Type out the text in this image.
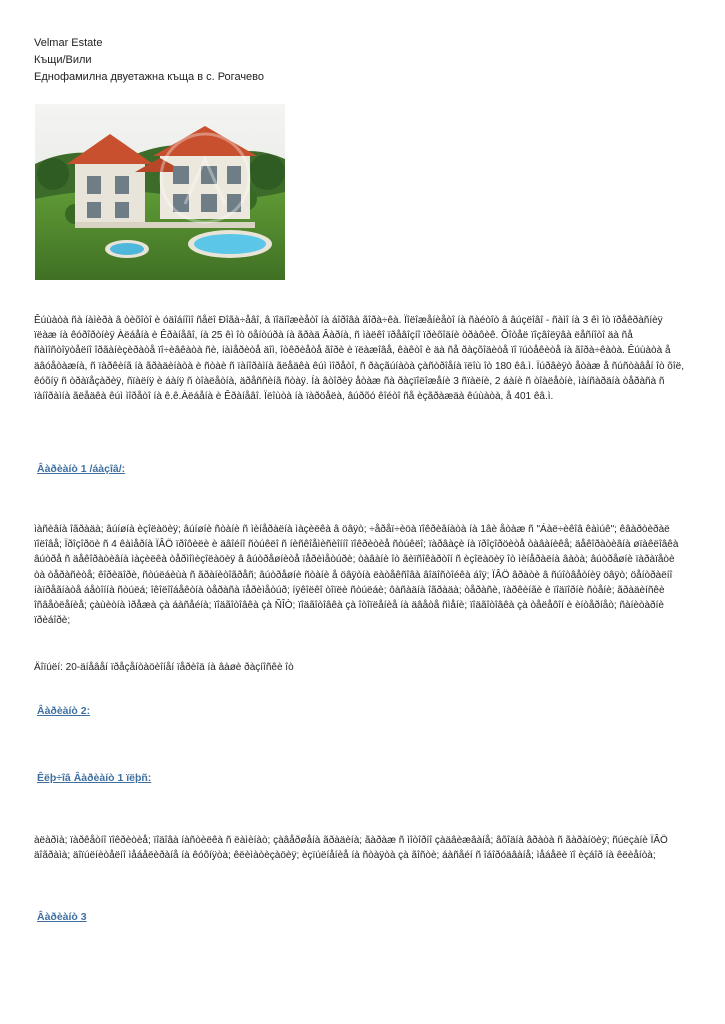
Velmar Estate
Къщи/Вили
Еднофамилна двуетажна къща в с. Рогачево

Êúùàòà ñà íàìèðà â òèõîòî è óäîáíîìî ñåëî Ðîãà÷åâî, â ïîäíîæèåòî íà áîðîâà ãîðà÷êà. Ïîëîæåíèåòî íà ñàéòîò â âúçëîâî - ñàìî íà 3 êì îò ïðåêðàñíèÿ ïëàæ íà êóðîðòíèÿ Àëáåíà è Êðàíåâî, íà 25 êì îò öåíòúðà íà ãðàä Âàðíà, ñ ìàëêî ïðåâîçíî ïðèõîäíè òðàôèê. Õîòåë ïîçâîëÿâà ëåñíîòî äà ñå ñàìîñòîÿòåëíî îðãàíèçèðàòå ïî÷èâêàòà ñè, íàìåðèòå äîì, îòêðèåòå ãîðè è ïëàæîâå, êàêòî è äà ñå ðàçõîäèòå ïî ïúòåêèòå íà ãîðà÷êàòà. Êúùàòà å äâóåòàæíà, ñ ïàðêèíã íà ãðàäèíàòà è ñòàè ñ ïàíîðàìíà ãëåäêà êúì ìîðåòî, ñ ðàçãúíàòà çàñòðîåíà ïëîù îò 180 êâ.ì. Ïúðâèÿò åòàæ å ñúñòàâåí îò õîë, êóõíÿ ñ òðàïåçàðèÿ, ñïàëíÿ è áàíÿ ñ òîàëåòíà, äðåññèíã ñòàÿ. Íà âòîðèÿ åòàæ ñà ðàçïîëîæåíè 3 ñïàëíè, 2 áàíè ñ òîàëåòíè, ìàíñàðäíà òåðàñà ñ ïàíîðàìíà ãëåäêà êúì ìîðåòî íà ê.ê.Àëáåíà è Êðàíåâî. Ïëîùòà íà ïàðöåëà, âúðõó êîéòî ñå èçãðàæäà êúùàòà, å 401 êâ.ì.

Âàðèàíò 1 /áàçîâ/:

ìàñèâíà îãðàäà; âúíøíà èçîëàöèÿ; âúíøíè ñòàíè ñ ìèíåðàëíà ìàçèëêà â öâÿò; ÷åðåï÷èöà ïîêðèâíàòà íà 1âè åòàæ ñ "Áàë÷èêîâ êàìúê"; êâàðòèðàë ïîëîâå; Ïðîçîðöè ñ 4 êàìåðíà ÏÂÖ ïðîôèëè è äâîéíî ñòúêëî ñ íèñêîåìèñèîííî ïîêðèòèå ñòúêëî; ïàðâàçè íà ïðîçîðöèòå òàâàíèêå; äåêîðàòèâíà øïàêëîâêà âúòðå ñ äåêîðàòèâíà ìàçèëêà òåðìîìèçîëàöèÿ â âúòðåøíèòå ïåðèìåòúðè; òàâàíè îò ãèïñîêàðòîí ñ èçîëàöèÿ îò ìèíåðàëíà âàòà; âúòðåøíè ïàðàïåòè òà òåðàñèòå; êîðèäîðè, ñòúëáèùà ñ ãðàíèòîãðåñ; âúòðåøíè ñòàíè å öâÿòíà ëàòåêñîâà âîäîñòîéêà áîÿ; ÏÂÖ âðàòè â ñúîòâåòíèÿ öâÿò; öåíòðàëíî íàïðåãíàòå áåòîííà ñòúëá; îêîëîîáåêòíà òåðàñà ïåðèìåòúð; íÿêîëêî òîïëè ñòúëáè; ôàñàäíà îãðàäà; òåðàñè, ïàðêèíãè è ïîäïîðíè ñòåíè; ãðàäèíñêè îñâåòëåíèå; çàùèòíà ìðåæà çà áàñåéíà; ïîäãîòîâêà çà ÑÎÒ; ïîäãîòîâêà çà îòîïëåíèå íà äâåòå ñìåíè; ïîäãîòîâêà çà òåëåôîí è èíòåðíåò; ñàíèòàðíè ïðèáîðè;

Äîïúëí: 20-äíåâåí ïðåçåíòàöèîíåí ïåðèîä íà âàøè ðàçíîñêè îò

Âàðèàíò 2:
Êëþ÷îâ Âàðèàíò 1 ïëþñ:

àëàðìà; ïàðêåòíî ïîêðèòèå; ïîäîâà íàñòèëêà ñ ëàìèíàò; çàâåðøåíà ãðàäèíà; ãàðàæ ñ ìîòîðíî çàäâèæâàíå; âõîäíà âðàòà ñ ãàðàíöèÿ; ñúëçàíè ÏÂÖ äîãðàìà; äîïúëíèòåëíî ìåáåëèðàíå íà êóõíÿòà; êëèìàòèçàöèÿ; èçïúëíåíèå íà ñòàÿòà çà ãîñòè; áàñåéí ñ îáîðóäâàíå; ìåáåëè ïî èçáîð íà êëèåíòà;

Âàðèàíò 3
